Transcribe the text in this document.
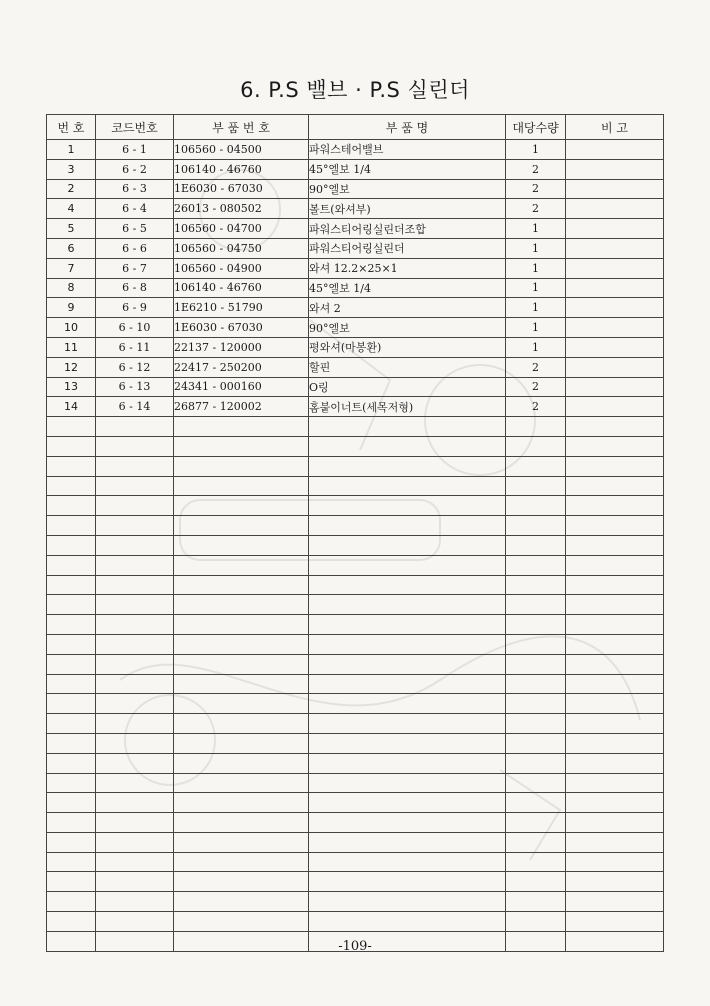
6. P.S 밸브 · P.S 실린더
번 호	코드번호	부 품 번 호	부 품 명	대당수량	비 고
1	6 - 1	106560 - 04500	파워스테어밸브	1	
3	6 - 2	106140 - 46760	45°엘보 1/4	2	
2	6 - 3	1E6030 - 67030	90°엘보	2	
4	6 - 4	26013 - 080502	볼트(와셔부)	2	
5	6 - 5	106560 - 04700	파워스티어링실린더조합	1	
6	6 - 6	106560 - 04750	파워스티어링실린더	1	
7	6 - 7	106560 - 04900	와셔 12.2×25×1	1	
8	6 - 8	106140 - 46760	45°엘보 1/4	1	
9	6 - 9	1E6210 - 51790	와셔 2	1	
10	6 - 10	1E6030 - 67030	90°엘보	1	
11	6 - 11	22137 - 120000	평와셔(마봉환)	1	
12	6 - 12	22417 - 250200	할핀	2	
13	6 - 13	24341 - 000160	O링	2	
14	6 - 14	26877 - 120002	홈붙이너트(세목저형)	2	

-109-
